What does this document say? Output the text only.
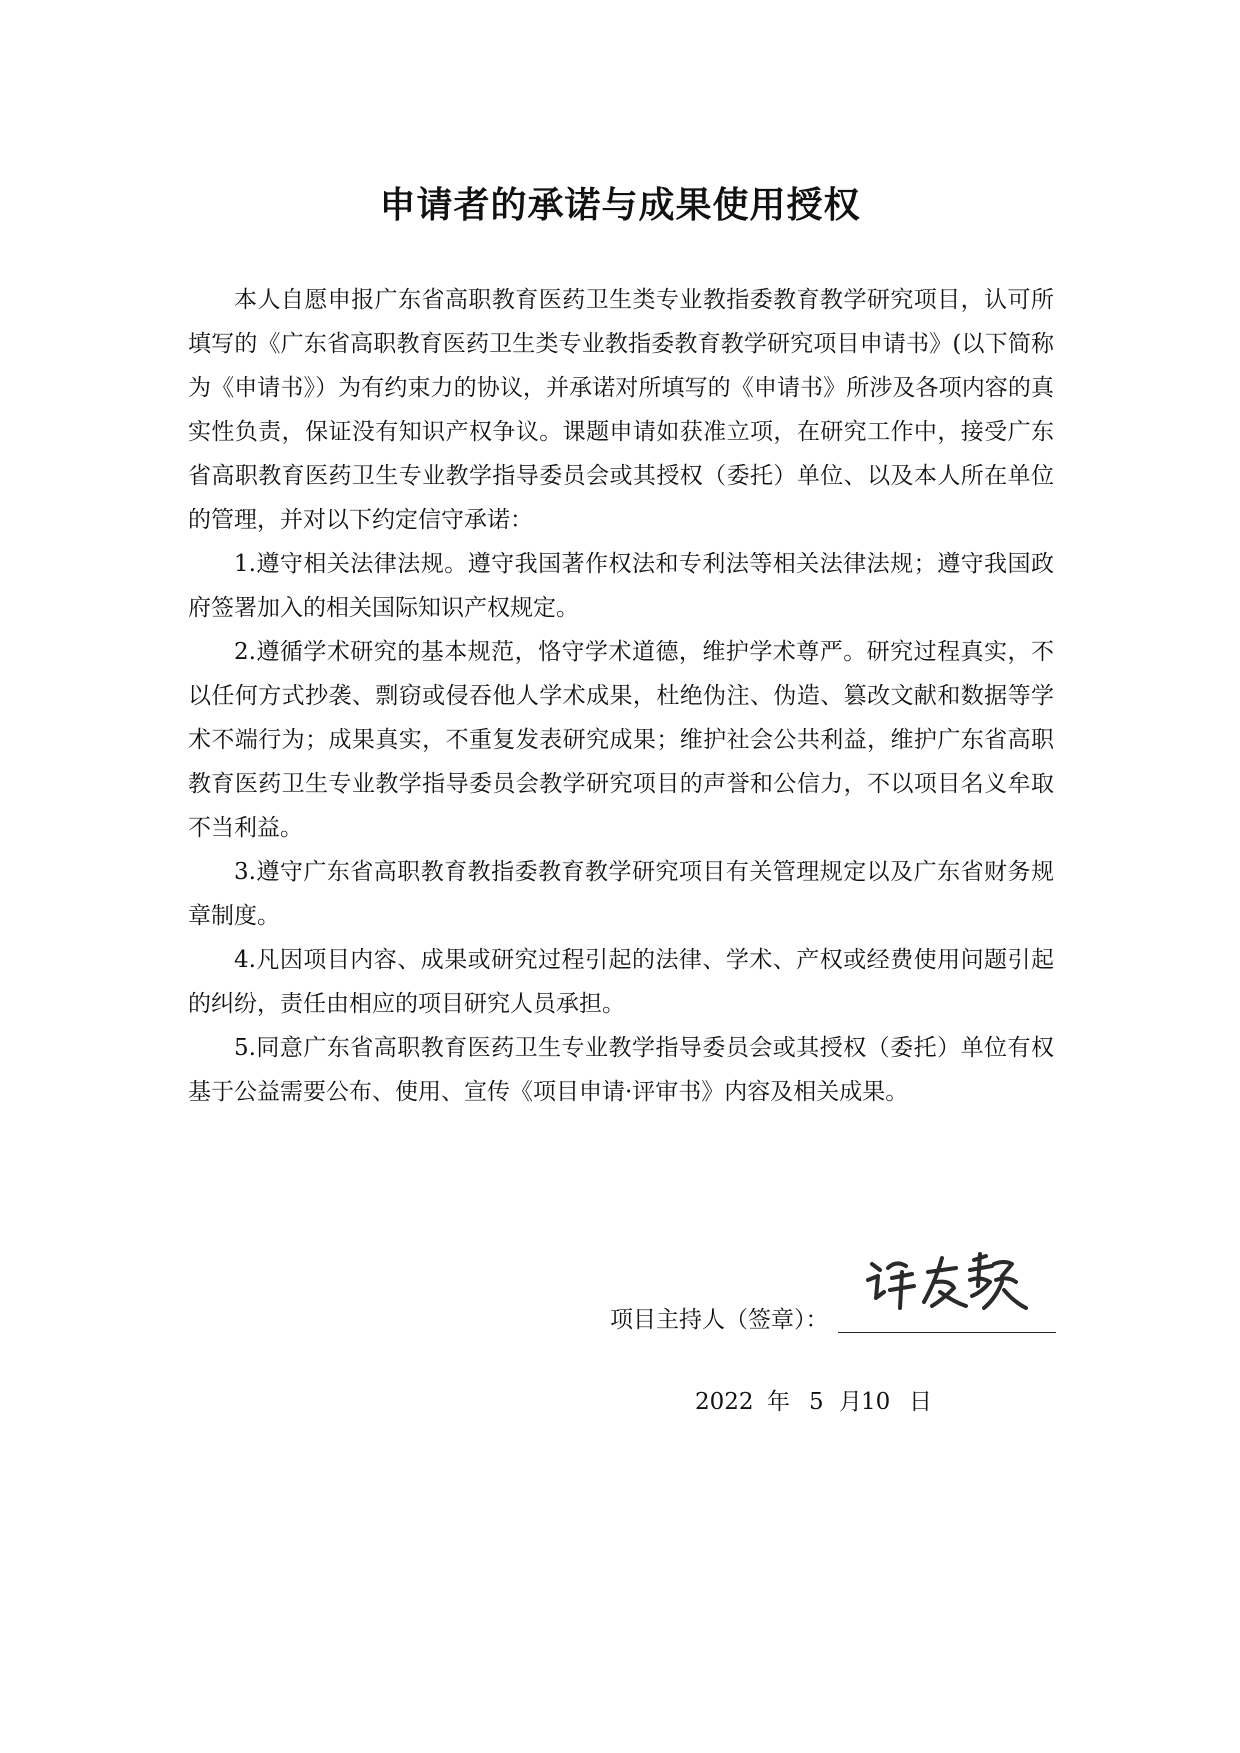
申请者的承诺与成果使用授权

本人自愿申报广东省高职教育医药卫生类专业教指委教育教学研究项目，认可所填写的《广东省高职教育医药卫生类专业教指委教育教学研究项目申请书》(以下简称为《申请书》）为有约束力的协议，并承诺对所填写的《申请书》所涉及各项内容的真实性负责，保证没有知识产权争议。课题申请如获准立项，在研究工作中，接受广东省高职教育医药卫生专业教学指导委员会或其授权（委托）单位、以及本人所在单位的管理，并对以下约定信守承诺：

1.遵守相关法律法规。遵守我国著作权法和专利法等相关法律法规；遵守我国政府签署加入的相关国际知识产权规定。

2.遵循学术研究的基本规范，恪守学术道德，维护学术尊严。研究过程真实，不以任何方式抄袭、剽窃或侵吞他人学术成果，杜绝伪注、伪造、篡改文献和数据等学术不端行为；成果真实，不重复发表研究成果；维护社会公共利益，维护广东省高职教育医药卫生专业教学指导委员会教学研究项目的声誉和公信力，不以项目名义牟取不当利益。

3.遵守广东省高职教育教指委教育教学研究项目有关管理规定以及广东省财务规章制度。

4.凡因项目内容、成果或研究过程引起的法律、学术、产权或经费使用问题引起的纠纷，责任由相应的项目研究人员承担。

5.同意广东省高职教育医药卫生专业教学指导委员会或其授权（委托）单位有权基于公益需要公布、使用、宣传《项目申请·评审书》内容及相关成果。

项目主持人（签章）：
2022 年 5 月10 日
